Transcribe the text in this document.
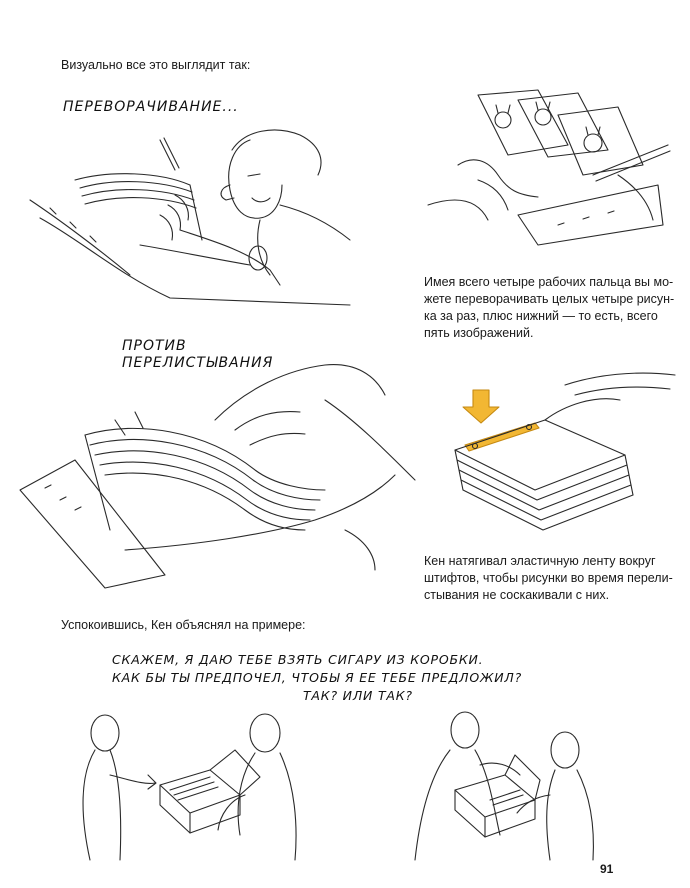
Визуально все это выглядит так:
ПЕРЕВОРАЧИВАНИЕ...
Имея всего четыре рабочих пальца вы мо-
жете переворачивать целых четыре рисун-
ка за раз, плюс нижний — то есть, всего
пять изображений.
ПРОТИВ
ПЕРЕЛИСТЫВАНИЯ
Кен натягивал эластичную ленту вокруг
штифтов, чтобы рисунки во время перели-
стывания не соскакивали с них.
Успокоившись, Кен объяснял на примере:
СКАЖЕМ, Я ДАЮ ТЕБЕ ВЗЯТЬ СИГАРУ ИЗ КОРОБКИ.
КАК БЫ ТЫ ПРЕДПОЧЕЛ, ЧТОБЫ Я ЕЕ ТЕБЕ ПРЕДЛОЖИЛ?
ТАК? ИЛИ ТАК?
91
